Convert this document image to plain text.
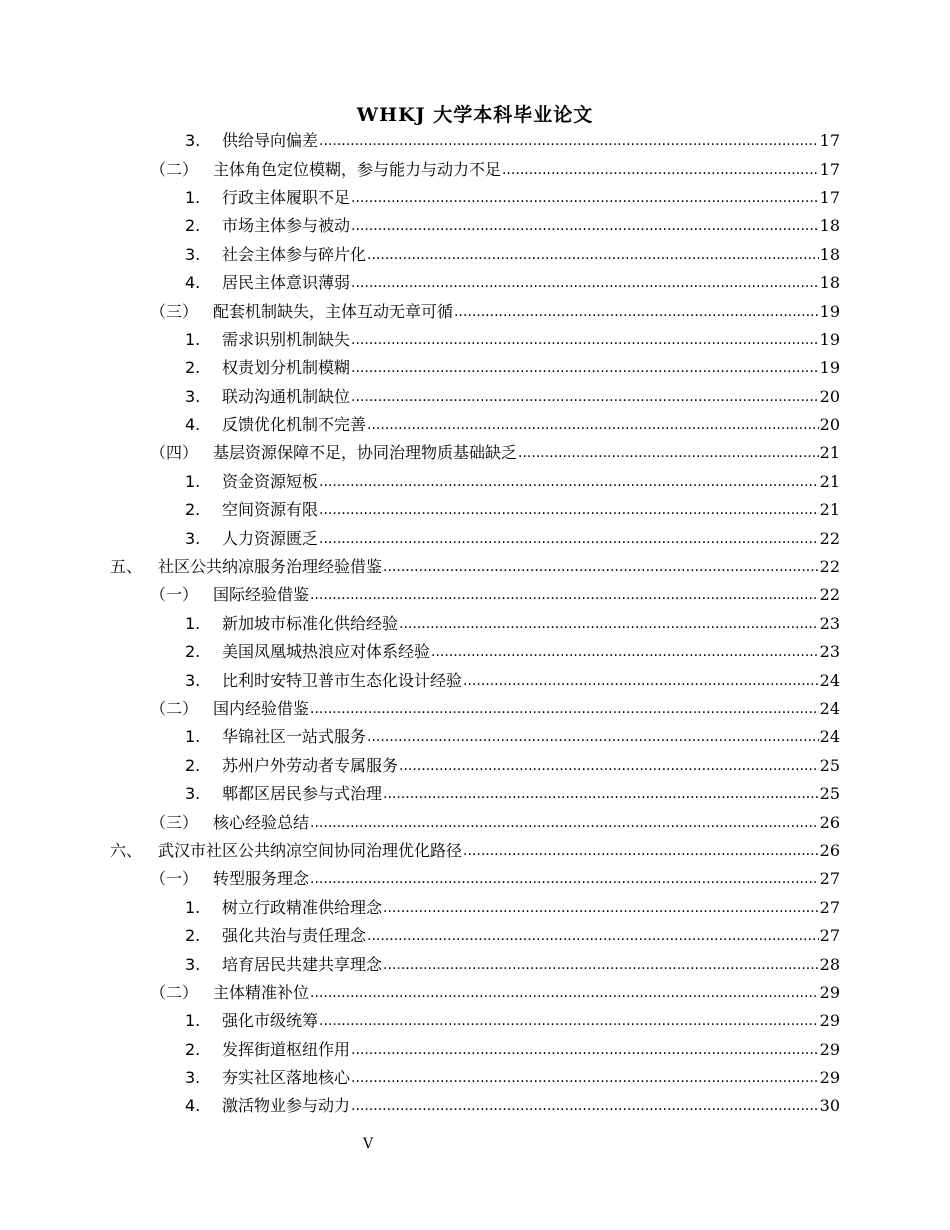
WHKJ 大学本科毕业论文
3.	供给导向偏差 .....	17
（二） 主体角色定位模糊，参与能力与动力不足 .....	17
1.	行政主体履职不足 .....	17
2.	市场主体参与被动 .....	18
3.	社会主体参与碎片化 .....	18
4.	居民主体意识薄弱 .....	18
（三） 配套机制缺失，主体互动无章可循 .....	19
1.	需求识别机制缺失 .....	19
2.	权责划分机制模糊 .....	19
3.	联动沟通机制缺位 .....	20
4.	反馈优化机制不完善 .....	20
（四） 基层资源保障不足，协同治理物质基础缺乏 .....	21
1.	资金资源短板 .....	21
2.	空间资源有限 .....	21
3.	人力资源匮乏 .....	22
五、 社区公共纳凉服务治理经验借鉴 .....	22
（一） 国际经验借鉴 .....	22
1.	新加坡市标准化供给经验 .....	23
2.	美国凤凰城热浪应对体系经验 .....	23
3.	比利时安特卫普市生态化设计经验 .....	24
（二） 国内经验借鉴 .....	24
1.	华锦社区一站式服务 .....	24
2.	苏州户外劳动者专属服务 .....	25
3.	郫都区居民参与式治理 .....	25
（三） 核心经验总结 .....	26
六、 武汉市社区公共纳凉空间协同治理优化路径 .....	26
（一） 转型服务理念 .....	27
1.	树立行政精准供给理念 .....	27
2.	强化共治与责任理念 .....	27
3.	培育居民共建共享理念 .....	28
（二） 主体精准补位 .....	29
1.	强化市级统筹 .....	29
2.	发挥街道枢纽作用 .....	29
3.	夯实社区落地核心 .....	29
4.	激活物业参与动力 .....	30
V
